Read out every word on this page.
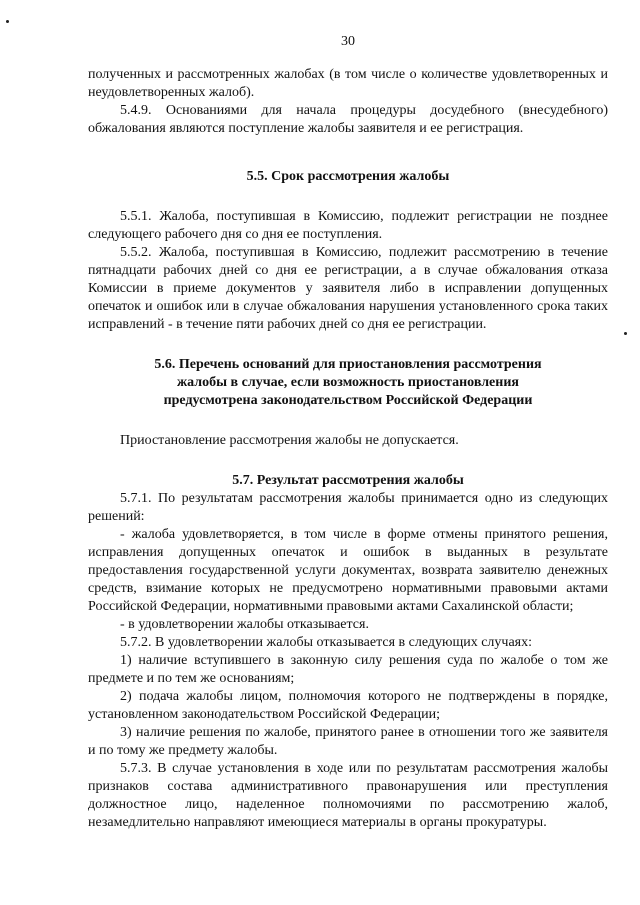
30

полученных и рассмотренных жалобах (в том числе о количестве удовлетворенных и неудовлетворенных жалоб).

5.4.9. Основаниями для начала процедуры досудебного (внесудебного) обжалования являются поступление жалобы заявителя и ее регистрация.

5.5. Срок рассмотрения жалобы

5.5.1. Жалоба, поступившая в Комиссию, подлежит регистрации не позднее следующего рабочего дня со дня ее поступления.

5.5.2. Жалоба, поступившая в Комиссию, подлежит рассмотрению в течение пятнадцати рабочих дней со дня ее регистрации, а в случае обжалования отказа Комиссии в приеме документов у заявителя либо в исправлении допущенных опечаток и ошибок или в случае обжалования нарушения установленного срока таких исправлений - в течение пяти рабочих дней со дня ее регистрации.

5.6. Перечень оснований для приостановления рассмотрения
жалобы в случае, если возможность приостановления
предусмотрена законодательством Российской Федерации

Приостановление рассмотрения жалобы не допускается.

5.7. Результат рассмотрения жалобы

5.7.1. По результатам рассмотрения жалобы принимается одно из следующих решений:

- жалоба удовлетворяется, в том числе в форме отмены принятого решения, исправления допущенных опечаток и ошибок в выданных в результате предоставления государственной услуги документах, возврата заявителю денежных средств, взимание которых не предусмотрено нормативными правовыми актами Российской Федерации, нормативными правовыми актами Сахалинской области;

- в удовлетворении жалобы отказывается.

5.7.2. В удовлетворении жалобы отказывается в следующих случаях:

1) наличие вступившего в законную силу решения суда по жалобе о том же предмете и по тем же основаниям;

2) подача жалобы лицом, полномочия которого не подтверждены в порядке, установленном законодательством Российской Федерации;

3) наличие решения по жалобе, принятого ранее в отношении того же заявителя и по тому же предмету жалобы.

5.7.3. В случае установления в ходе или по результатам рассмотрения жалобы признаков состава административного правонарушения или преступления должностное лицо, наделенное полномочиями по рассмотрению жалоб, незамедлительно направляют имеющиеся материалы в органы прокуратуры.
